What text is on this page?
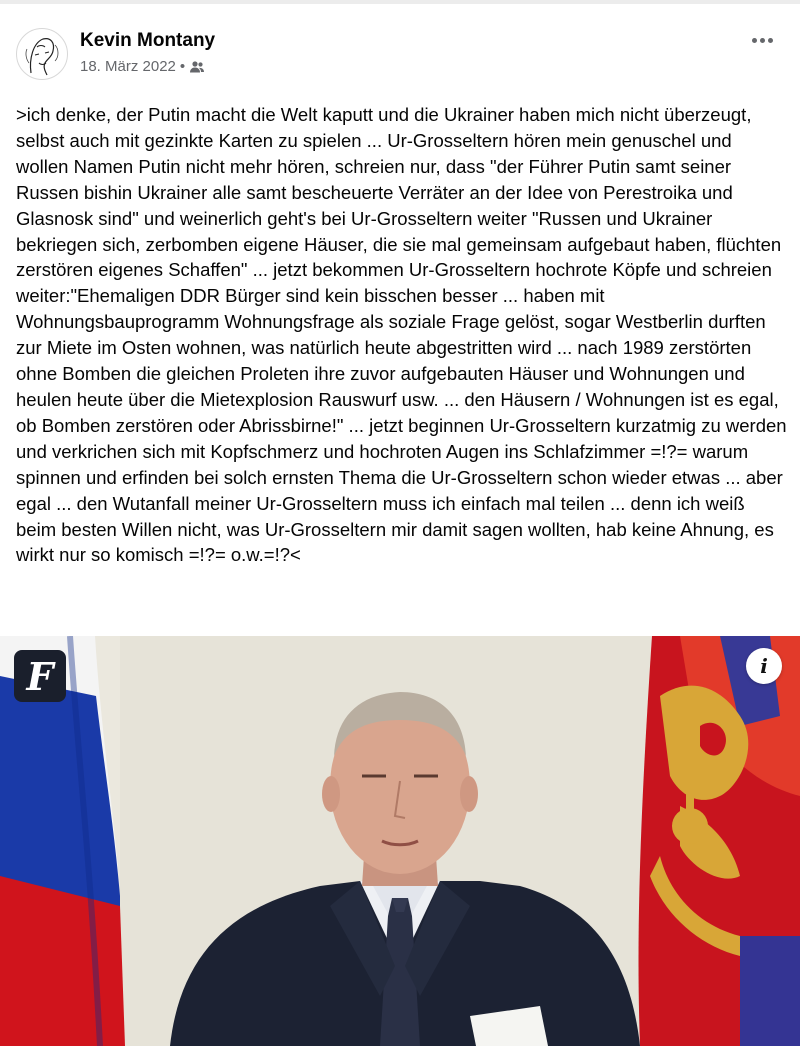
Kevin Montany
18. März 2022 •
>ich denke, der Putin macht die Welt kaputt und die Ukrainer haben mich nicht überzeugt, selbst auch mit gezinkte Karten zu spielen ... Ur-Grosseltern hören mein genuschel und wollen Namen Putin nicht mehr hören, schreien nur, dass "der Führer Putin samt seiner Russen bishin Ukrainer alle samt bescheuerte Verräter an der Idee von Perestroika und Glasnosk sind" und weinerlich geht's bei Ur-Grosseltern weiter "Russen und Ukrainer bekriegen sich, zerbomben eigene Häuser, die sie mal gemeinsam aufgebaut haben, flüchten zerstören eigenes Schaffen" ... jetzt bekommen Ur-Grosseltern hochrote Köpfe und schreien weiter:"Ehemaligen DDR Bürger sind kein bisschen besser ... haben mit Wohnungsbauprogramm Wohnungsfrage als soziale Frage gelöst, sogar Westberlin durften zur Miete im Osten wohnen, was natürlich heute abgestritten wird ... nach 1989 zerstörten ohne Bomben die gleichen Proleten ihre zuvor aufgebauten Häuser und Wohnungen und heulen heute über die Mietexplosion Rauswurf usw. ... den Häusern / Wohnungen ist es egal, ob Bomben zerstören oder Abrissbirne!" ... jetzt beginnen Ur-Grosseltern kurzatmig zu werden und verkrichen sich mit Kopfschmerz und hochroten Augen ins Schlafzimmer =!?= warum spinnen und erfinden bei solch ernsten Thema die Ur-Grosseltern schon wieder etwas ... aber egal ... den Wutanfall meiner Ur-Grosseltern muss ich einfach mal teilen ... denn ich weiß beim besten Willen nicht, was Ur-Grosseltern mir damit sagen wollten, hab keine Ahnung, es wirkt nur so komisch =!?= o.w.=!?<
F	i
